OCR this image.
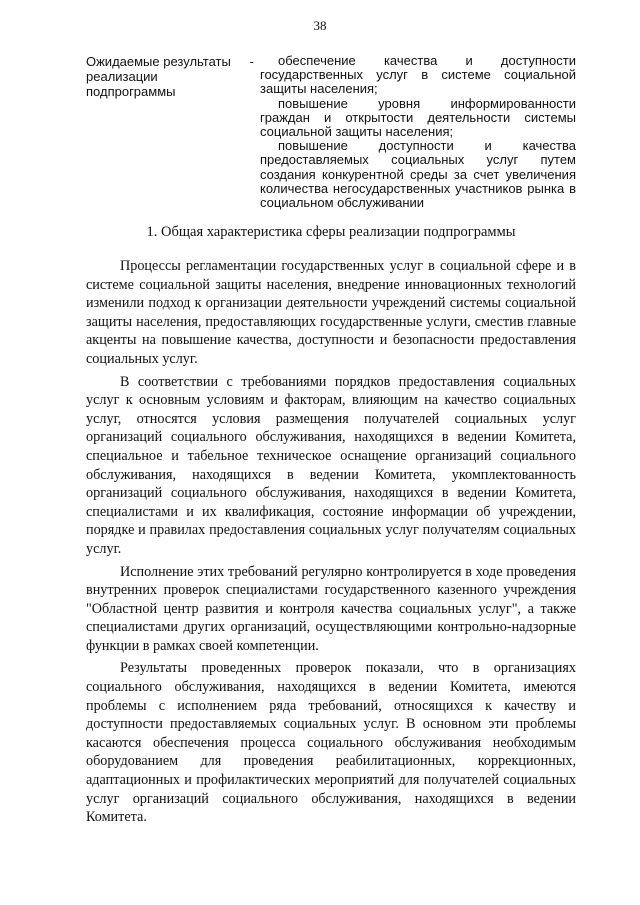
38
Ожидаемые результаты реализации подпрограммы
-	обеспечение качества и доступности государственных услуг в системе социальной защиты населения;

повышение уровня информированности граждан и открытости деятельности системы социальной защиты населения;

повышение доступности и качества предоставляемых социальных услуг путем создания конкурентной среды за счет увеличения количества негосударственных участников рынка в социальном обслуживании

1. Общая характеристика сферы реализации подпрограммы

Процессы регламентации государственных услуг в социальной сфере и в системе социальной защиты населения, внедрение инновационных технологий изменили подход к организации деятельности учреждений системы социальной защиты населения, предоставляющих государственные услуги, сместив главные акценты на повышение качества, доступности и безопасности предоставления социальных услуг.

В соответствии с требованиями порядков предоставления социальных услуг к основным условиям и факторам, влияющим на качество социальных услуг, относятся условия размещения получателей социальных услуг организаций социального обслуживания, находящихся в ведении Комитета, специальное и табельное техническое оснащение организаций социального обслуживания, находящихся в ведении Комитета, укомплектованность организаций социального обслуживания, находящихся в ведении Комитета, специалистами и их квалификация, состояние информации об учреждении, порядке и правилах предоставления социальных услуг получателям социальных услуг.

Исполнение этих требований регулярно контролируется в ходе проведения внутренних проверок специалистами государственного казенного учреждения "Областной центр развития и контроля качества социальных услуг", а также специалистами других организаций, осуществляющими контрольно-надзорные функции в рамках своей компетенции.

Результаты проведенных проверок показали, что в организациях социального обслуживания, находящихся в ведении Комитета, имеются проблемы с исполнением ряда требований, относящихся к качеству и доступности предоставляемых социальных услуг. В основном эти проблемы касаются обеспечения процесса социального обслуживания необходимым оборудованием для проведения реабилитационных, коррекционных, адаптационных и профилактических мероприятий для получателей социальных услуг организаций социального обслуживания, находящихся в ведении Комитета.
